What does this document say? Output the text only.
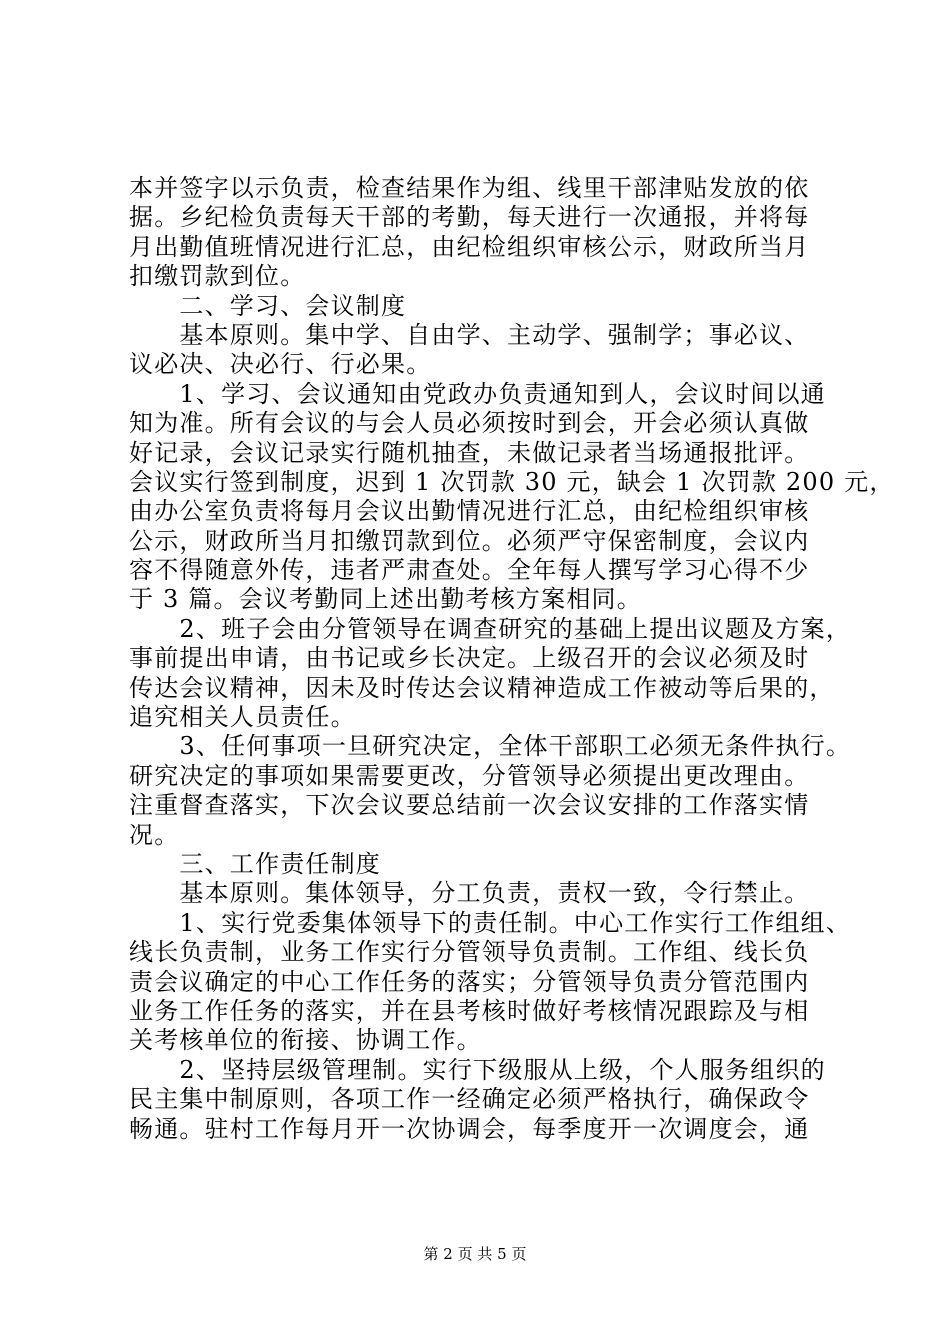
本并签字以示负责，检查结果作为组、线里干部津贴发放的依
据。乡纪检负责每天干部的考勤，每天进行一次通报，并将每
月出勤值班情况进行汇总，由纪检组织审核公示，财政所当月
扣缴罚款到位。
　　二、学习、会议制度
　　基本原则。集中学、自由学、主动学、强制学；事必议、
议必决、决必行、行必果。
　　1、学习、会议通知由党政办负责通知到人，会议时间以通
知为准。所有会议的与会人员必须按时到会，开会必须认真做
好记录，会议记录实行随机抽查，未做记录者当场通报批评。
会议实行签到制度，迟到 1 次罚款 30 元，缺会 1 次罚款 200 元，
由办公室负责将每月会议出勤情况进行汇总，由纪检组织审核
公示，财政所当月扣缴罚款到位。必须严守保密制度，会议内
容不得随意外传，违者严肃查处。全年每人撰写学习心得不少
于 3 篇。会议考勤同上述出勤考核方案相同。
　　2、班子会由分管领导在调查研究的基础上提出议题及方案，
事前提出申请，由书记或乡长决定。上级召开的会议必须及时
传达会议精神，因未及时传达会议精神造成工作被动等后果的，
追究相关人员责任。
　　3、任何事项一旦研究决定，全体干部职工必须无条件执行。
研究决定的事项如果需要更改，分管领导必须提出更改理由。
注重督查落实，下次会议要总结前一次会议安排的工作落实情
况。
　　三、工作责任制度
　　基本原则。集体领导，分工负责，责权一致，令行禁止。
　　1、实行党委集体领导下的责任制。中心工作实行工作组组、
线长负责制，业务工作实行分管领导负责制。工作组、线长负
责会议确定的中心工作任务的落实；分管领导负责分管范围内
业务工作任务的落实，并在县考核时做好考核情况跟踪及与相
关考核单位的衔接、协调工作。
　　2、坚持层级管理制。实行下级服从上级，个人服务组织的
民主集中制原则，各项工作一经确定必须严格执行，确保政令
畅通。驻村工作每月开一次协调会，每季度开一次调度会，通
第 2 页 共 5 页
